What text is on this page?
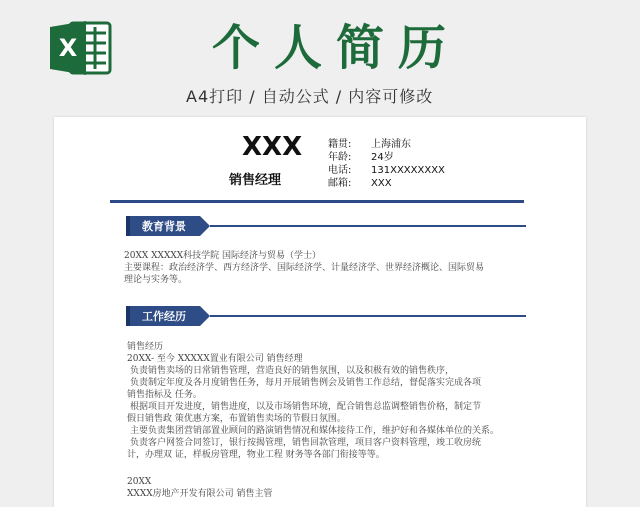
X	个人简历
A4打印 / 自动公式 / 内容可修改
XXX
销售经理
籍贯: 上海浦东
年龄: 24岁
电话: 131XXXXXXXX
邮箱: XXX
教育背景
20XX XXXXX科技学院 国际经济与贸易（学士）
主要课程：政治经济学、西方经济学、国际经济学、计量经济学、世界经济概论、国际贸易
理论与实务等。
工作经历
销售经历
20XX- 至今 XXXXX置业有限公司 销售经理
负责销售卖场的日常销售管理，营造良好的销售氛围，以及积极有效的销售秩序，
负责制定年度及各月度销售任务，每月开展销售例会及销售工作总结，督促落实完成各项
销售指标及 任务。
根据项目开发进度，销售进度，以及市场销售环境，配合销售总监调整销售价格，制定节
假日销售政 策优惠方案，布置销售卖场的节假日氛围。
主要负责集团营销部置业顾问的路演销售情况和媒体接待工作，维护好和各媒体单位的关系。
负责客户网签合同签订，银行按揭管理，销售回款管理，项目客户资料管理，竣工收房统
计，办理双 证，样板房管理，物业工程 财务等各部门衔接等等。
20XX
XXXX房地产开发有限公司 销售主管
